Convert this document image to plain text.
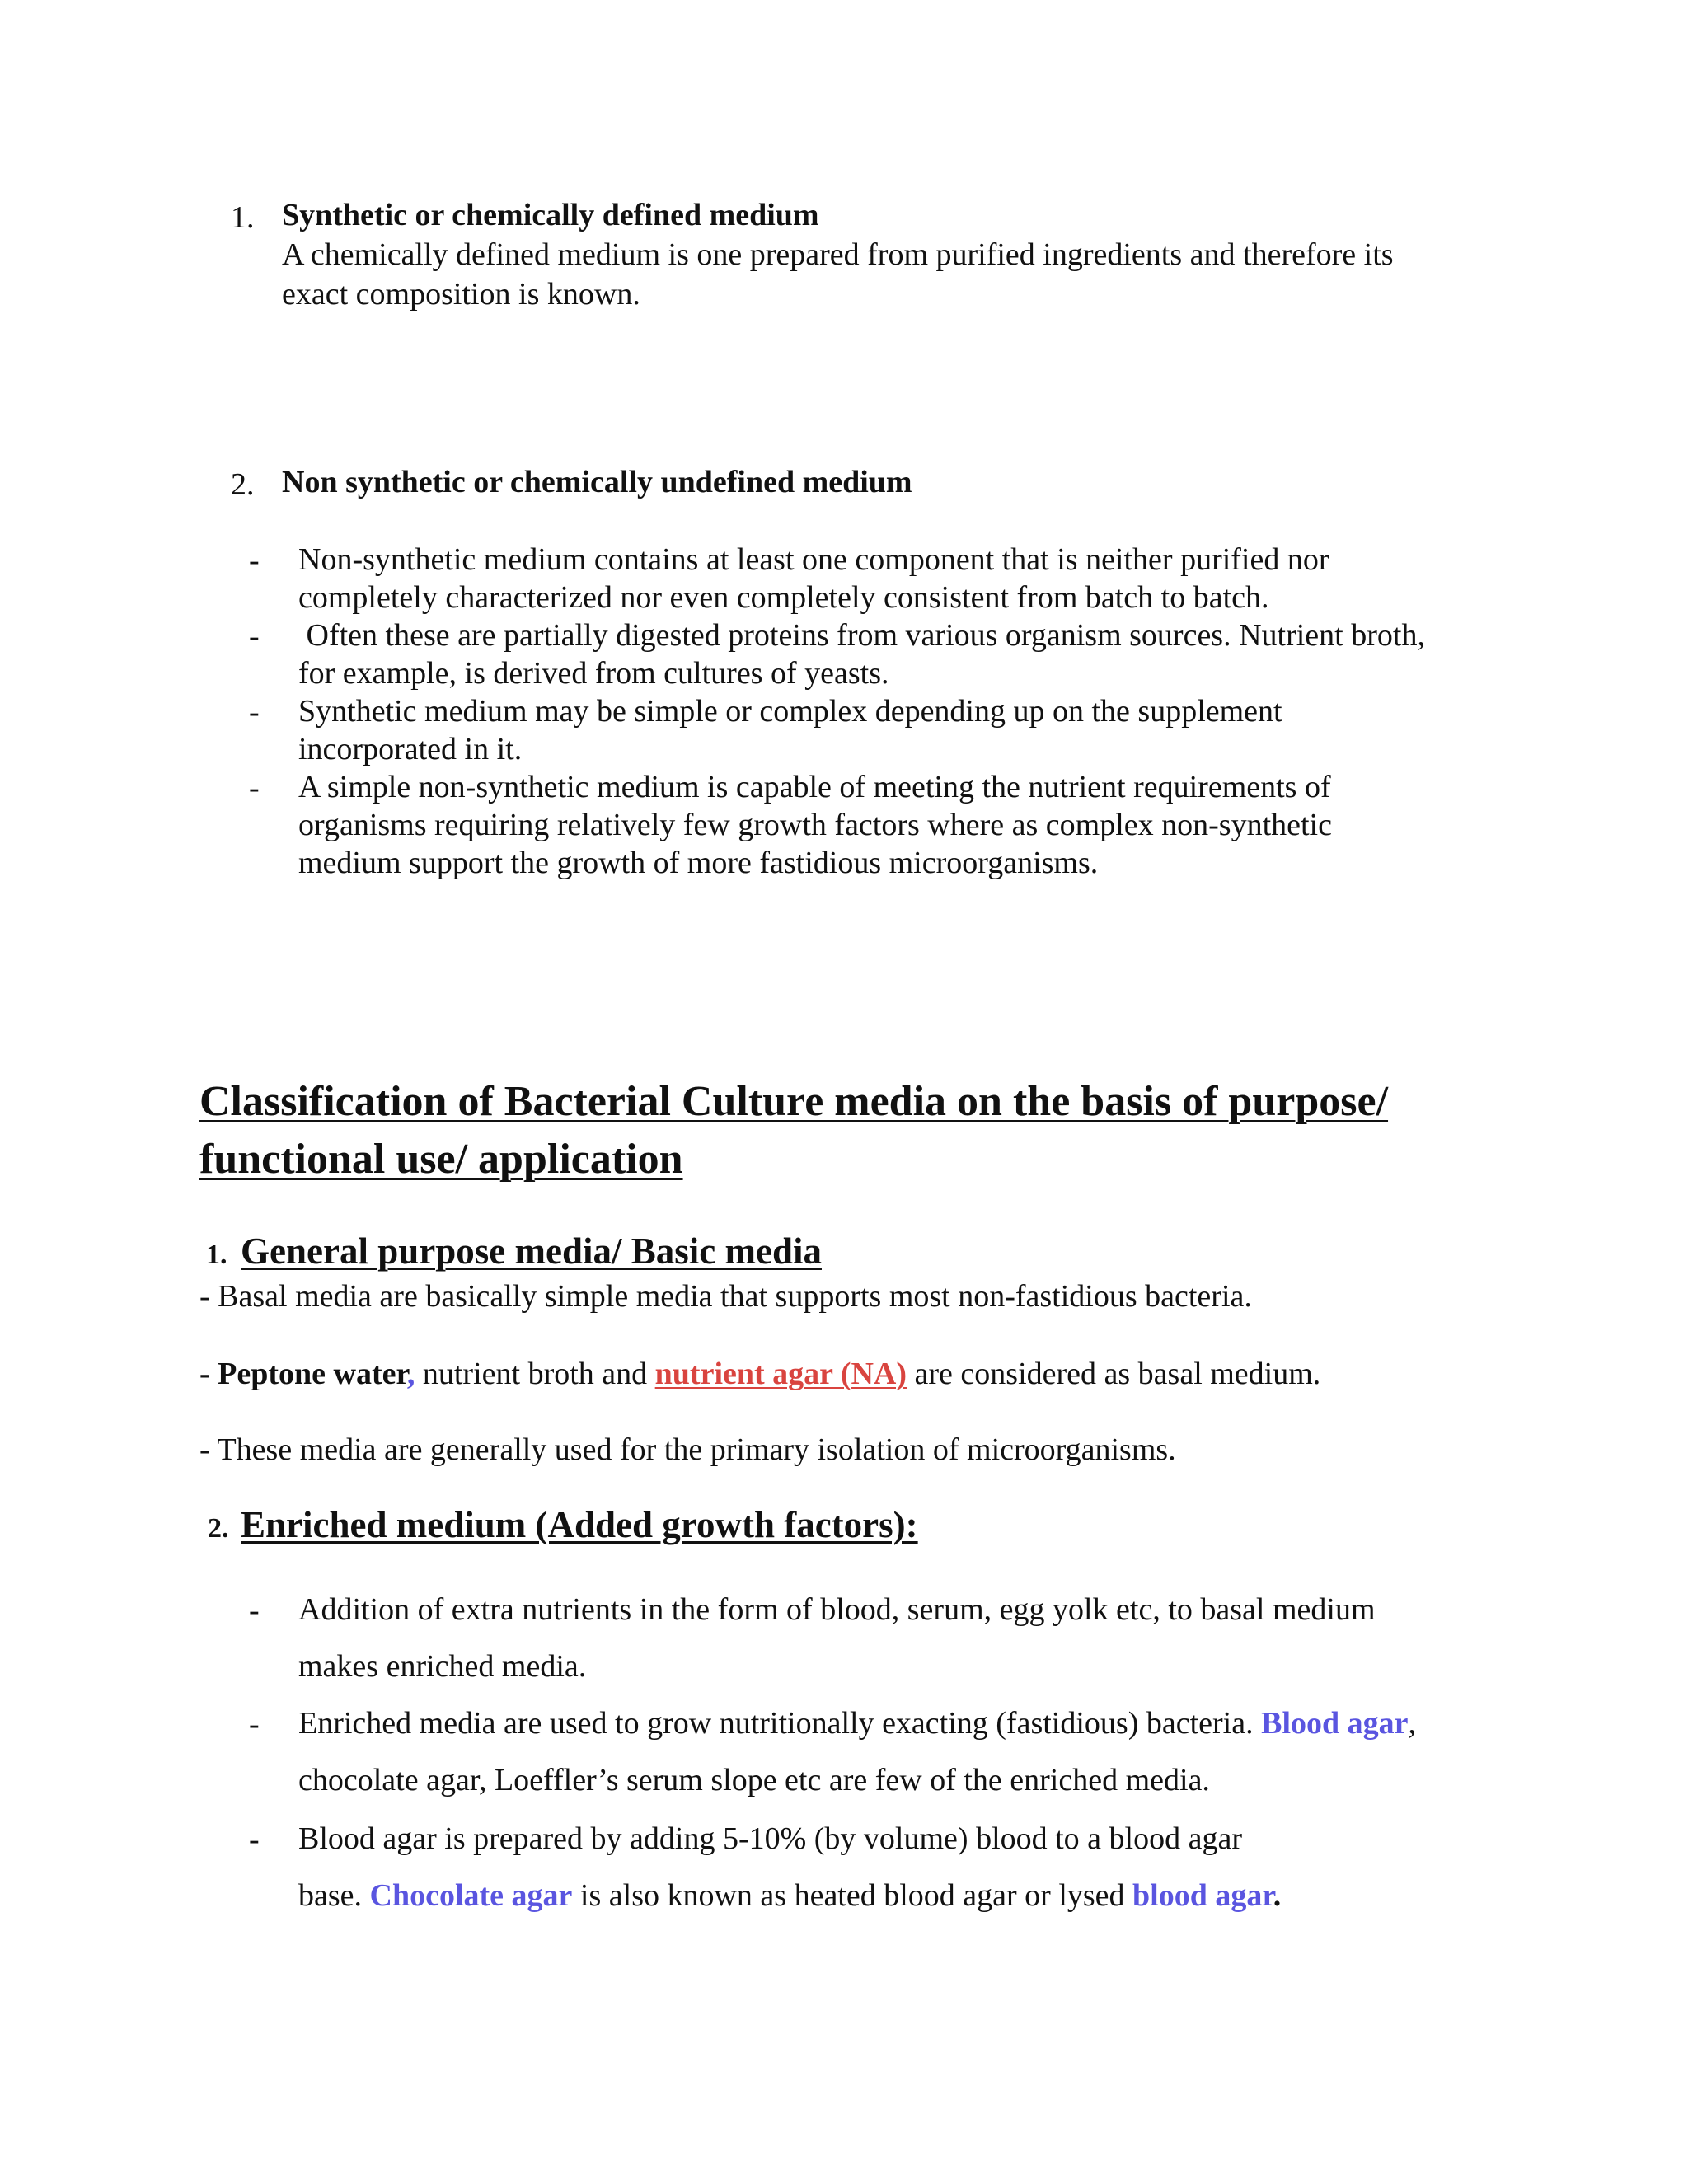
1. Synthetic or chemically defined medium
A chemically defined medium is one prepared from purified ingredients and therefore its
exact composition is known.
2. Non synthetic or chemically undefined medium
- Non-synthetic medium contains at least one component that is neither purified nor
completely characterized nor even completely consistent from batch to batch.
- Often these are partially digested proteins from various organism sources. Nutrient broth,
for example, is derived from cultures of yeasts.
- Synthetic medium may be simple or complex depending up on the supplement
incorporated in it.
- A simple non-synthetic medium is capable of meeting the nutrient requirements of
organisms requiring relatively few growth factors where as complex non-synthetic
medium support the growth of more fastidious microorganisms.
Classification of Bacterial Culture media on the basis of purpose/
functional use/ application
1. General purpose media/ Basic media
- Basal media are basically simple media that supports most non-fastidious bacteria.
- Peptone water, nutrient broth and nutrient agar (NA) are considered as basal medium.
- These media are generally used for the primary isolation of microorganisms.
2. Enriched medium (Added growth factors):
- Addition of extra nutrients in the form of blood, serum, egg yolk etc, to basal medium
makes enriched media.
- Enriched media are used to grow nutritionally exacting (fastidious) bacteria. Blood agar,
chocolate agar, Loeffler’s serum slope etc are few of the enriched media.
- Blood agar is prepared by adding 5-10% (by volume) blood to a blood agar
base. Chocolate agar is also known as heated blood agar or lysed blood agar.
